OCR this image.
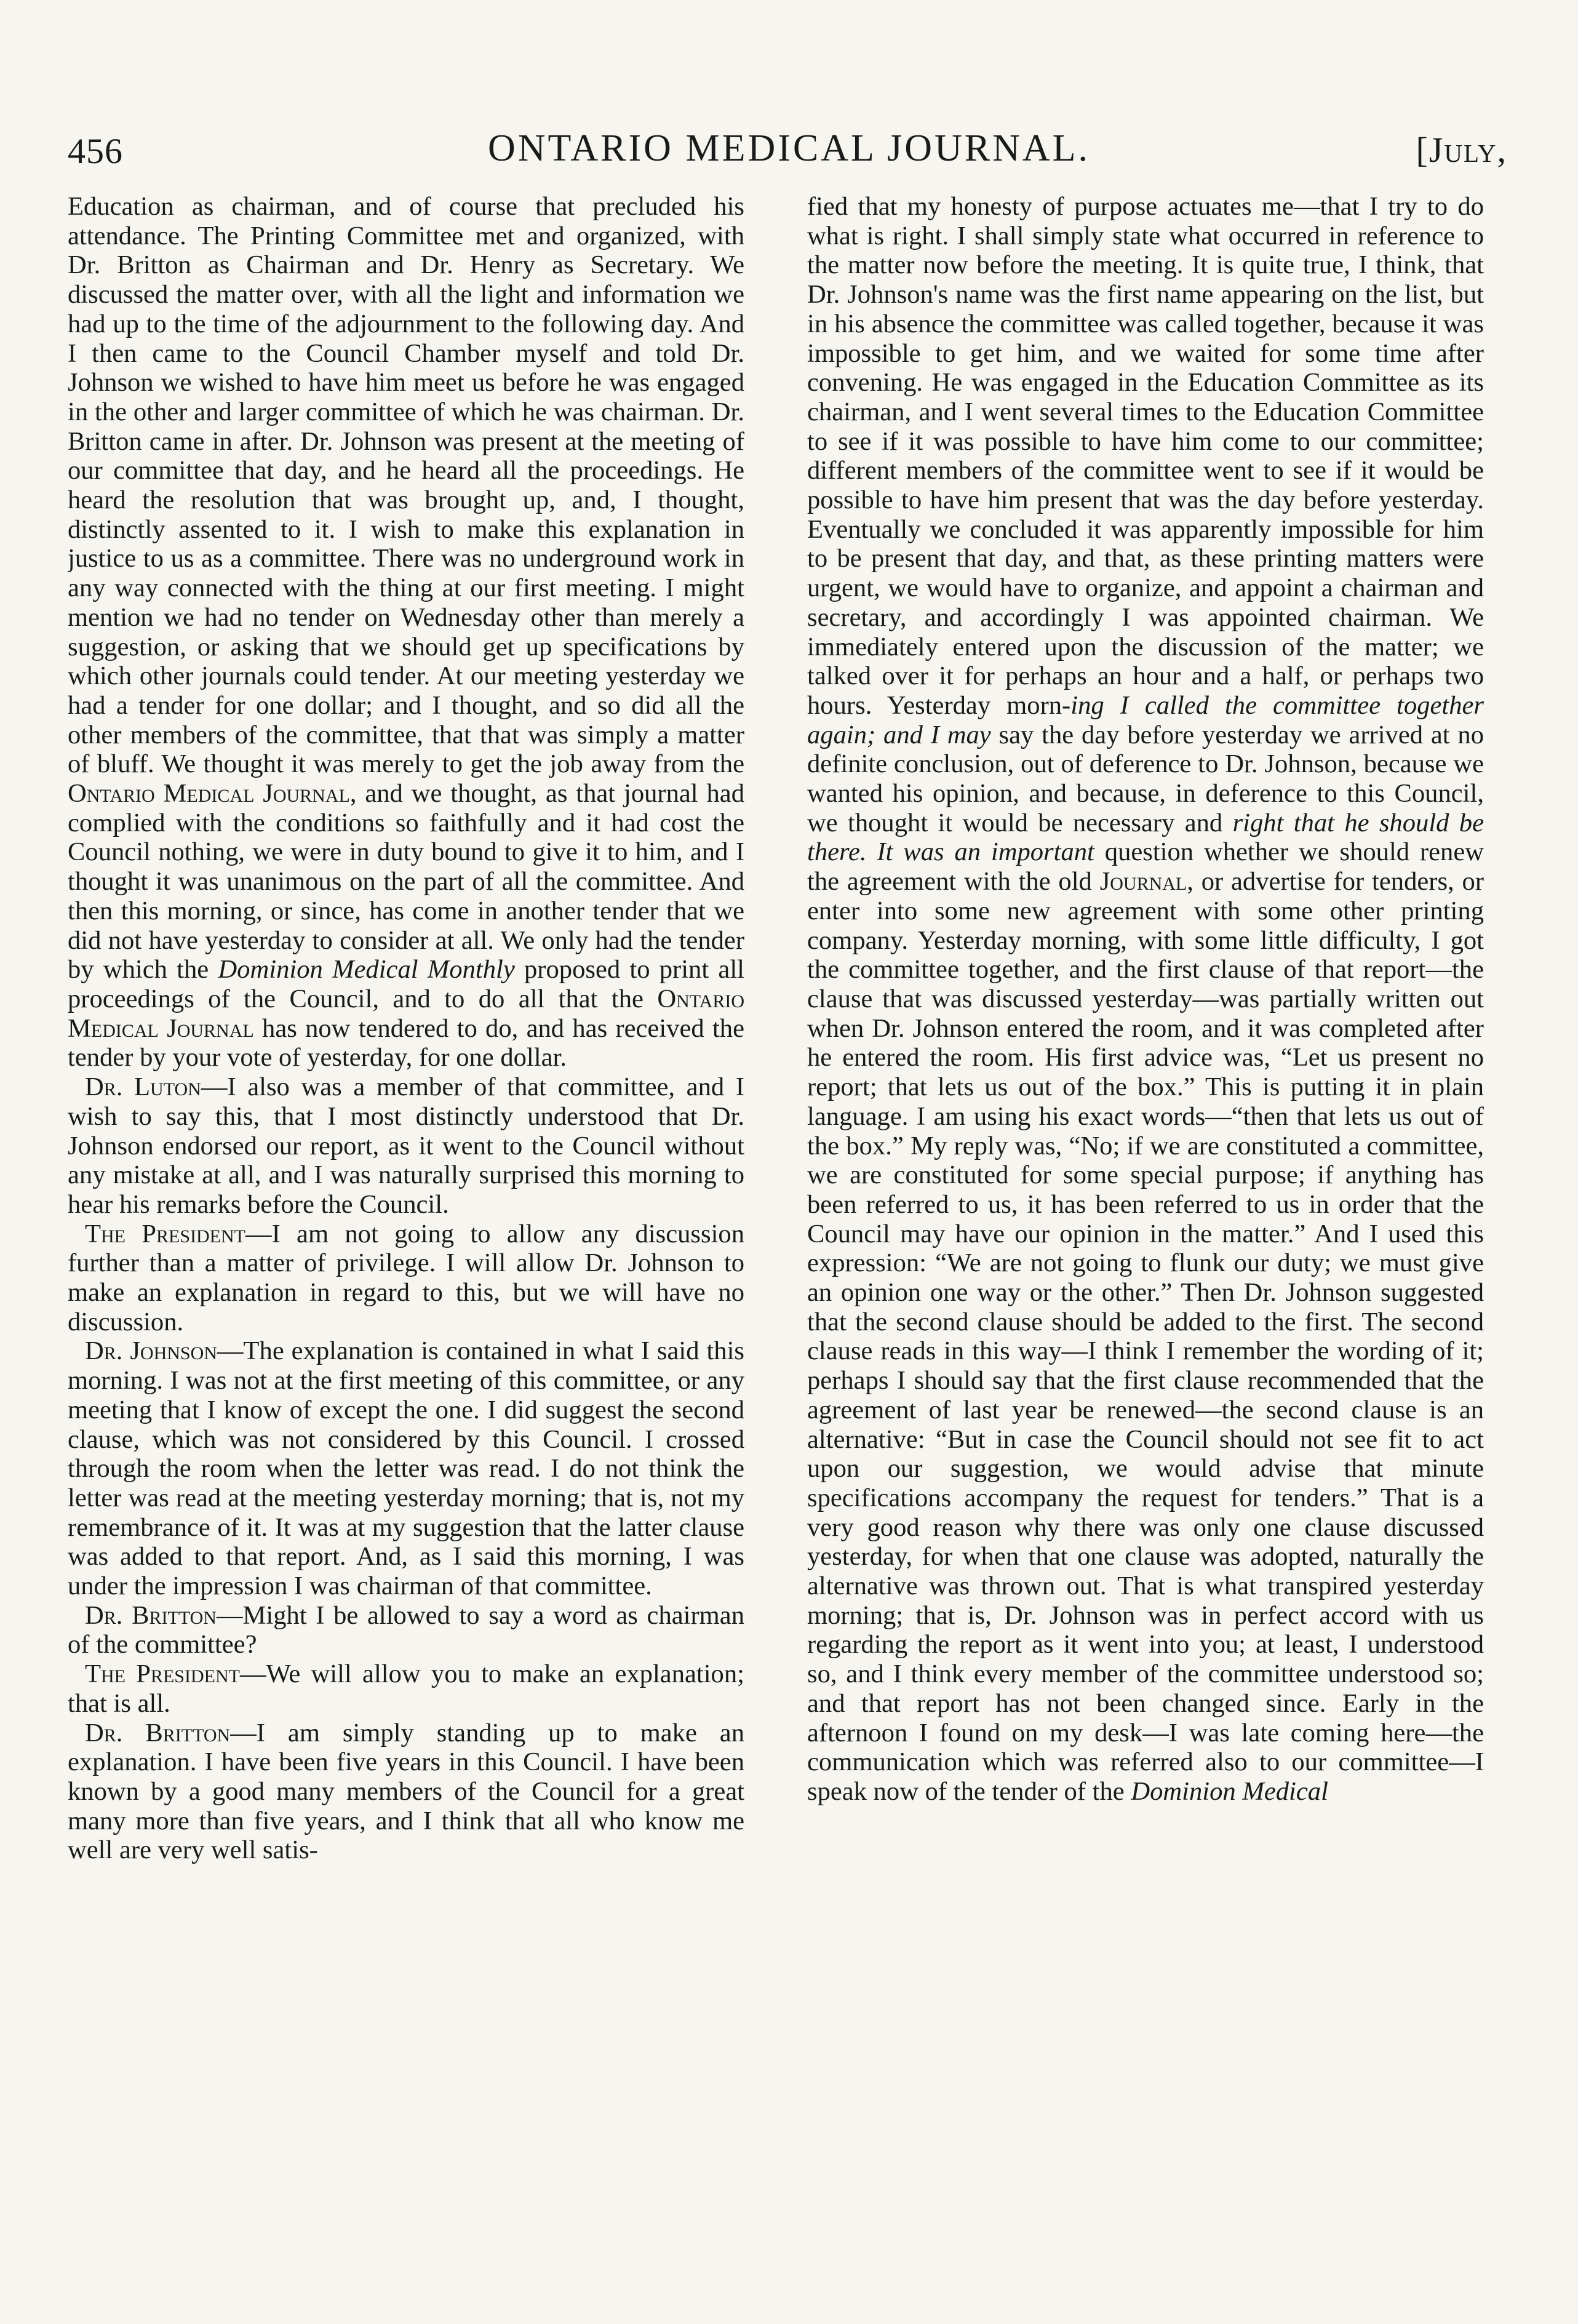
456	ONTARIO MEDICAL JOURNAL.	[July,

Education as chairman, and of course that precluded his attendance. The Printing Committee met and organized, with Dr. Britton as Chairman and Dr. Henry as Secretary. We discussed the matter over, with all the light and information we had up to the time of the adjournment to the following day. And I then came to the Council Chamber myself and told Dr. Johnson we wished to have him meet us before he was engaged in the other and larger committee of which he was chairman. Dr. Britton came in after. Dr. Johnson was present at the meeting of our committee that day, and he heard all the proceedings. He heard the resolution that was brought up, and, I thought, distinctly assented to it. I wish to make this explanation in justice to us as a committee. There was no underground work in any way connected with the thing at our first meeting. I might mention we had no tender on Wednesday other than merely a suggestion, or asking that we should get up specifications by which other journals could tender. At our meeting yesterday we had a tender for one dollar; and I thought, and so did all the other members of the committee, that that was simply a matter of bluff. We thought it was merely to get the job away from the Ontario Medical Journal, and we thought, as that journal had complied with the conditions so faithfully and it had cost the Council nothing, we were in duty bound to give it to him, and I thought it was unanimous on the part of all the committee. And then this morning, or since, has come in another tender that we did not have yesterday to consider at all. We only had the tender by which the Dominion Medical Monthly proposed to print all proceedings of the Council, and to do all that the Ontario Medical Journal has now tendered to do, and has received the tender by your vote of yesterday, for one dollar.

Dr. Luton—I also was a member of that committee, and I wish to say this, that I most distinctly understood that Dr. Johnson endorsed our report, as it went to the Council without any mistake at all, and I was naturally surprised this morning to hear his remarks before the Council.

The President—I am not going to allow any discussion further than a matter of privilege. I will allow Dr. Johnson to make an explanation in regard to this, but we will have no discussion.

Dr. Johnson—The explanation is contained in what I said this morning. I was not at the first meeting of this committee, or any meeting that I know of except the one. I did suggest the second clause, which was not considered by this Council. I crossed through the room when the letter was read. I do not think the letter was read at the meeting yesterday morning; that is, not my remembrance of it. It was at my suggestion that the latter clause was added to that report. And, as I said this morning, I was under the impression I was chairman of that committee.

Dr. Britton—Might I be allowed to say a word as chairman of the committee?

The President—We will allow you to make an explanation; that is all.

Dr. Britton—I am simply standing up to make an explanation. I have been five years in this Council. I have been known by a good many members of the Council for a great many more than five years, and I think that all who know me well are very well satis-

fied that my honesty of purpose actuates me—that I try to do what is right. I shall simply state what occurred in reference to the matter now before the meeting. It is quite true, I think, that Dr. Johnson's name was the first name appearing on the list, but in his absence the committee was called together, because it was impossible to get him, and we waited for some time after convening. He was engaged in the Education Committee as its chairman, and I went several times to the Education Committee to see if it was possible to have him come to our committee; different members of the committee went to see if it would be possible to have him present that was the day before yesterday. Eventually we concluded it was apparently impossible for him to be present that day, and that, as these printing matters were urgent, we would have to organize, and appoint a chairman and secretary, and accordingly I was appointed chairman. We immediately entered upon the discussion of the matter; we talked over it for perhaps an hour and a half, or perhaps two hours. Yesterday morn-ing I called the committee together again; and I may say the day before yesterday we arrived at no definite conclusion, out of deference to Dr. Johnson, because we wanted his opinion, and because, in deference to this Council, we thought it would be necessary and right that he should be there. It was an important question whether we should renew the agreement with the old Journal, or advertise for tenders, or enter into some new agreement with some other printing company. Yesterday morning, with some little difficulty, I got the committee together, and the first clause of that report—the clause that was discussed yesterday—was partially written out when Dr. Johnson entered the room, and it was completed after he entered the room. His first advice was, “Let us present no report; that lets us out of the box.” This is putting it in plain language. I am using his exact words—“then that lets us out of the box.” My reply was, “No; if we are constituted a committee, we are constituted for some special purpose; if anything has been referred to us, it has been referred to us in order that the Council may have our opinion in the matter.” And I used this expression: “We are not going to flunk our duty; we must give an opinion one way or the other.” Then Dr. Johnson suggested that the second clause should be added to the first. The second clause reads in this way—I think I remember the wording of it; perhaps I should say that the first clause recommended that the agreement of last year be renewed—the second clause is an alternative: “But in case the Council should not see fit to act upon our suggestion, we would advise that minute specifications accompany the request for tenders.” That is a very good reason why there was only one clause discussed yesterday, for when that one clause was adopted, naturally the alternative was thrown out. That is what transpired yesterday morning; that is, Dr. Johnson was in perfect accord with us regarding the report as it went into you; at least, I understood so, and I think every member of the committee understood so; and that report has not been changed since. Early in the afternoon I found on my desk—I was late coming here—the communication which was referred also to our committee—I speak now of the tender of the Dominion Medical
